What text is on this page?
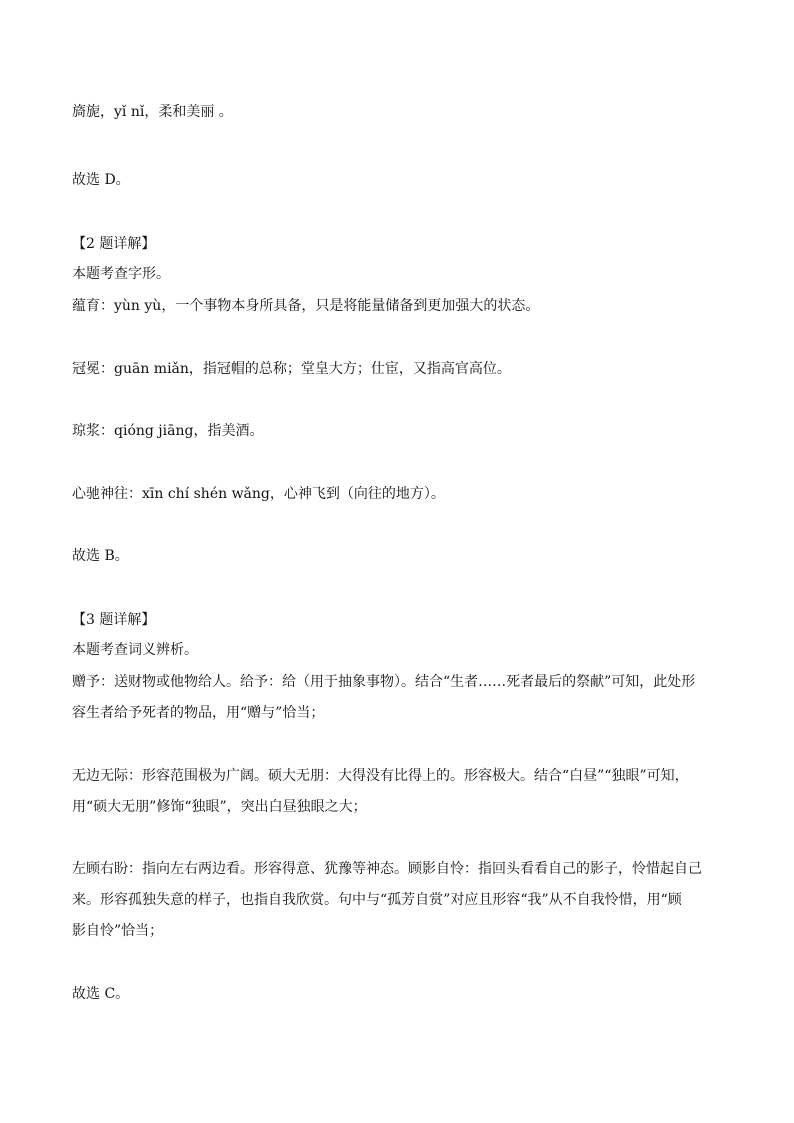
旖旎，yǐ nǐ，柔和美丽 。
故选 D。
【2 题详解】
本题考查字形。
蕴育：yùn yù，一个事物本身所具备，只是将能量储备到更加强大的状态。
冠冕：guān miǎn，指冠帽的总称；堂皇大方；仕宦，又指高官高位。
琼浆：qióng jiāng，指美酒。
心驰神往：xīn chí shén wǎng，心神飞到（向往的地方）。
故选 B。
【3 题详解】
本题考查词义辨析。
赠予：送财物或他物给人。给予：给（用于抽象事物）。结合“生者……死者最后的祭献”可知，此处形
容生者给予死者的物品，用“赠与”恰当；
无边无际：形容范围极为广阔。硕大无朋：大得没有比得上的。形容极大。结合“白昼”“独眼”可知，
用“硕大无朋”修饰“独眼”，突出白昼独眼之大；
左顾右盼：指向左右两边看。形容得意、犹豫等神态。顾影自怜：指回头看看自己的影子，怜惜起自己
来。形容孤独失意的样子，也指自我欣赏。句中与“孤芳自赏”对应且形容“我”从不自我怜惜，用“顾
影自怜”恰当；
故选 C。
